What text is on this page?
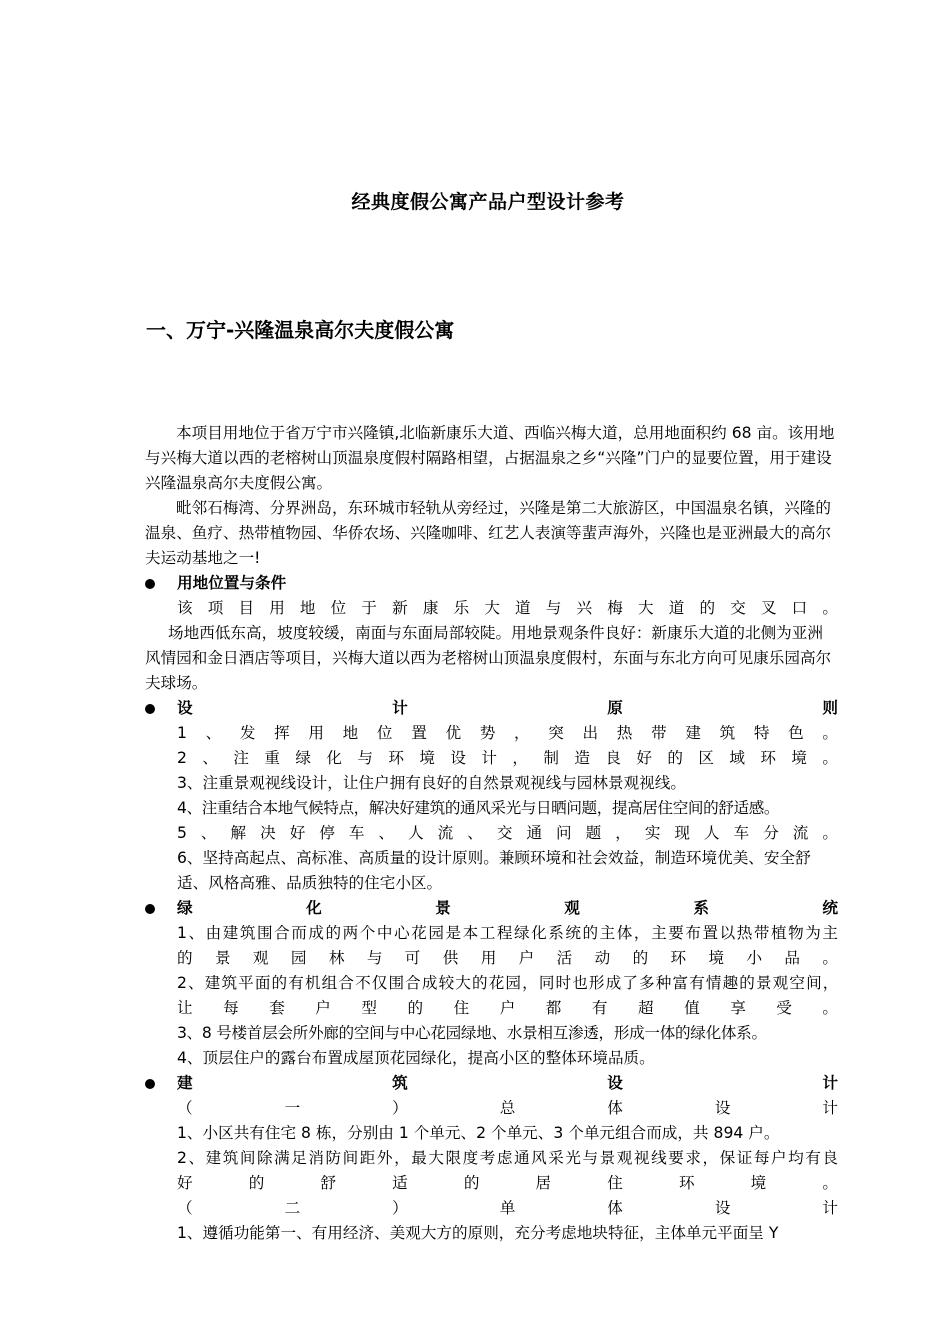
经典度假公寓产品户型设计参考
一、万宁-兴隆温泉高尔夫度假公寓

本项目用地位于省万宁市兴隆镇,北临新康乐大道、西临兴梅大道，总用地面积约 68 亩。该用地与兴梅大道以西的老榕树山顶温泉度假村隔路相望，占据温泉之乡“兴隆”门户的显要位置，用于建设兴隆温泉高尔夫度假公寓。

毗邻石梅湾、分界洲岛，东环城市轻轨从旁经过，兴隆是第二大旅游区，中国温泉名镇，兴隆的温泉、鱼疗、热带植物园、华侨农场、兴隆咖啡、红艺人表演等蜚声海外，兴隆也是亚洲最大的高尔夫运动基地之一!

用地位置与条件

该项目用地位于新康乐大道与兴梅大道的交叉口。

场地西低东高，坡度较缓，南面与东面局部较陡。用地景观条件良好：新康乐大道的北侧为亚洲风情园和金日酒店等项目，兴梅大道以西为老榕树山顶温泉度假村，东面与东北方向可见康乐园高尔夫球场。

设计原则

1、发挥用地位置优势，突出热带建筑特色。

2、注重绿化与环境设计，制造良好的区域环境。

3、注重景观视线设计，让住户拥有良好的自然景观视线与园林景观视线。

4、注重结合本地气候特点，解决好建筑的通风采光与日晒问题，提高居住空间的舒适感。

5、解决好停车、人流、交通问题，实现人车分流。

6、坚持高起点、高标准、高质量的设计原则。兼顾环境和社会效益，制造环境优美、安全舒适、风格高雅、品质独特的住宅小区。

绿化景观系统

1、由建筑围合而成的两个中心花园是本工程绿化系统的主体，主要布置以热带植物为主

的景观园林与可供用户活动的环境小品。

2、建筑平面的有机组合不仅围合成较大的花园，同时也形成了多种富有情趣的景观空间，

让每套户型的住户都有超值享受。

3、8 号楼首层会所外廊的空间与中心花园绿地、水景相互渗透，形成一体的绿化体系。

4、顶层住户的露台布置成屋顶花园绿化，提高小区的整体环境品质。

建筑设计

（一）总体设计

1、小区共有住宅 8 栋，分别由 1 个单元、2 个单元、3 个单元组合而成，共 894 户。

2、建筑间除满足消防间距外，最大限度考虑通风采光与景观视线要求，保证每户均有良

好的舒适的居住环境。

（二）单体设计

1、遵循功能第一、有用经济、美观大方的原则，充分考虑地块特征，主体单元平面呈 Y
